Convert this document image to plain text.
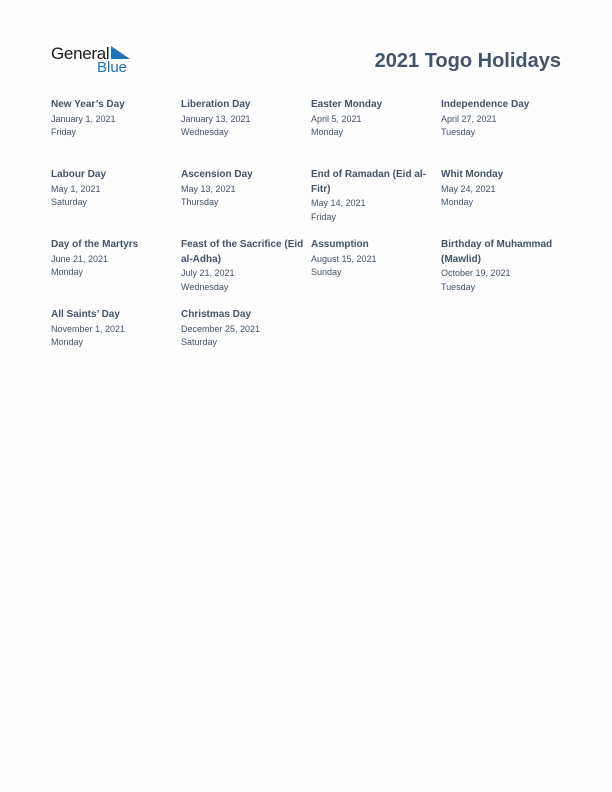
General
Blue	2021 Togo Holidays
New Year’s Day
January 1, 2021
Friday
Liberation Day
January 13, 2021
Wednesday
Easter Monday
April 5, 2021
Monday
Independence Day
April 27, 2021
Tuesday
Labour Day
May 1, 2021
Saturday
Ascension Day
May 13, 2021
Thursday
End of Ramadan (Eid al-Fitr)
May 14, 2021
Friday
Whit Monday
May 24, 2021
Monday
Day of the Martyrs
June 21, 2021
Monday
Feast of the Sacrifice (Eid al-Adha)
July 21, 2021
Wednesday
Assumption
August 15, 2021
Sunday
Birthday of Muhammad (Mawlid)
October 19, 2021
Tuesday
All Saints’ Day
November 1, 2021
Monday
Christmas Day
December 25, 2021
Saturday
